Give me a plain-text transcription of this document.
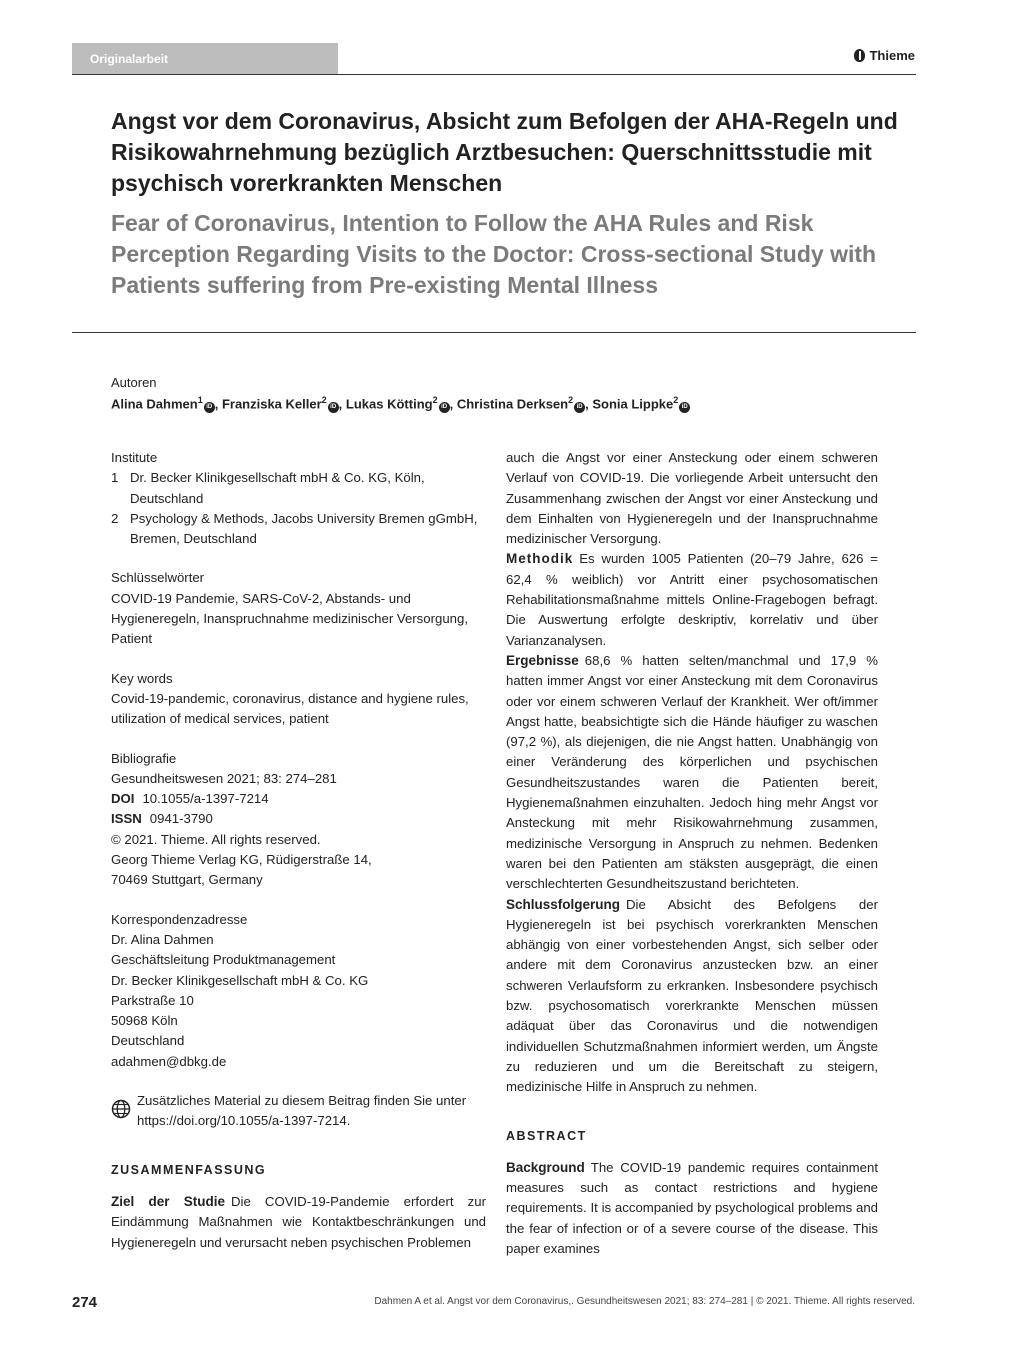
Originalarbeit	Thieme
Angst vor dem Coronavirus, Absicht zum Befolgen der AHA-Regeln und Risikowahrnehmung bezüglich Arztbesuchen: Querschnittsstudie mit psychisch vorerkrankten Menschen
Fear of Coronavirus, Intention to Follow the AHA Rules and Risk Perception Regarding Visits to the Doctor: Cross-sectional Study with Patients suffering from Pre-existing Mental Illness
Autoren
Alina Dahmen$^1$iD , Franziska Keller$^2$iD , Lukas Kötting$^2$iD , Christina Derksen$^2$iD , Sonia Lippke$^2$iD

Institute

1 Dr. Becker Klinikgesellschaft mbH & Co. KG, Köln, Deutschland
2 Psychology & Methods, Jacobs University Bremen gGmbH, Bremen, Deutschland

Schlüsselwörter

COVID-19 Pandemie, SARS-CoV-2, Abstands- und Hygieneregeln, Inanspruchnahme medizinischer Versorgung, Patient

Key words

Covid-19-pandemic, coronavirus, distance and hygiene rules, utilization of medical services, patient

Bibliografie

Gesundheitswesen 2021; 83: 274–281

DOI 10.1055/a-1397-7214

ISSN 0941-3790

© 2021. Thieme. All rights reserved.

Georg Thieme Verlag KG, Rüdigerstraße 14,

70469 Stuttgart, Germany

Korrespondenzadresse

Dr. Alina Dahmen

Geschäftsleitung Produktmanagement

Dr. Becker Klinikgesellschaft mbH & Co. KG

Parkstraße 10

50968 Köln

Deutschland

adahmen@dbkg.de

Zusätzliches Material zu diesem Beitrag finden Sie unter https://doi.org/10.1055/a-1397-7214.

ZUSAMMENFASSUNG

Ziel der Studie Die COVID-19-Pandemie erfordert zur Eindämmung Maßnahmen wie Kontaktbeschränkungen und Hygieneregeln und verursacht neben psychischen Problemen

auch die Angst vor einer Ansteckung oder einem schweren Verlauf von COVID-19. Die vorliegende Arbeit untersucht den Zusammenhang zwischen der Angst vor einer Ansteckung und dem Einhalten von Hygieneregeln und der Inanspruchnahme medizinischer Versorgung.

Methodik Es wurden 1005 Patienten (20–79 Jahre, 626 = 62,4 % weiblich) vor Antritt einer psychosomatischen Rehabilitationsmaßnahme mittels Online-Fragebogen befragt. Die Auswertung erfolgte deskriptiv, korrelativ und über Varianzanalysen.

Ergebnisse 68,6 % hatten selten/manchmal und 17,9 % hatten immer Angst vor einer Ansteckung mit dem Coronavirus oder vor einem schweren Verlauf der Krankheit. Wer oft/immer Angst hatte, beabsichtigte sich die Hände häufiger zu waschen (97,2 %), als diejenigen, die nie Angst hatten. Unabhängig von einer Veränderung des körperlichen und psychischen Gesundheitszustandes waren die Patienten bereit, Hygienemaßnahmen einzuhalten. Jedoch hing mehr Angst vor Ansteckung mit mehr Risikowahrnehmung zusammen, medizinische Versorgung in Anspruch zu nehmen. Bedenken waren bei den Patienten am stäksten ausgeprägt, die einen verschlechterten Gesundheitszustand berichteten.

Schlussfolgerung Die Absicht des Befolgens der Hygieneregeln ist bei psychisch vorerkrankten Menschen abhängig von einer vorbestehenden Angst, sich selber oder andere mit dem Coronavirus anzustecken bzw. an einer schweren Verlaufsform zu erkranken. Insbesondere psychisch bzw. psychosomatisch vorerkrankte Menschen müssen adäquat über das Coronavirus und die notwendigen individuellen Schutzmaßnahmen informiert werden, um Ängste zu reduzieren und um die Bereitschaft zu steigern, medizinische Hilfe in Anspruch zu nehmen.

ABSTRACT

Background The COVID-19 pandemic requires containment measures such as contact restrictions and hygiene requirements. It is accompanied by psychological problems and the fear of infection or of a severe course of the disease. This paper examines

274	Dahmen A et al. Angst vor dem Coronavirus,. Gesundheitswesen 2021; 83: 274–281 | © 2021. Thieme. All rights reserved.
